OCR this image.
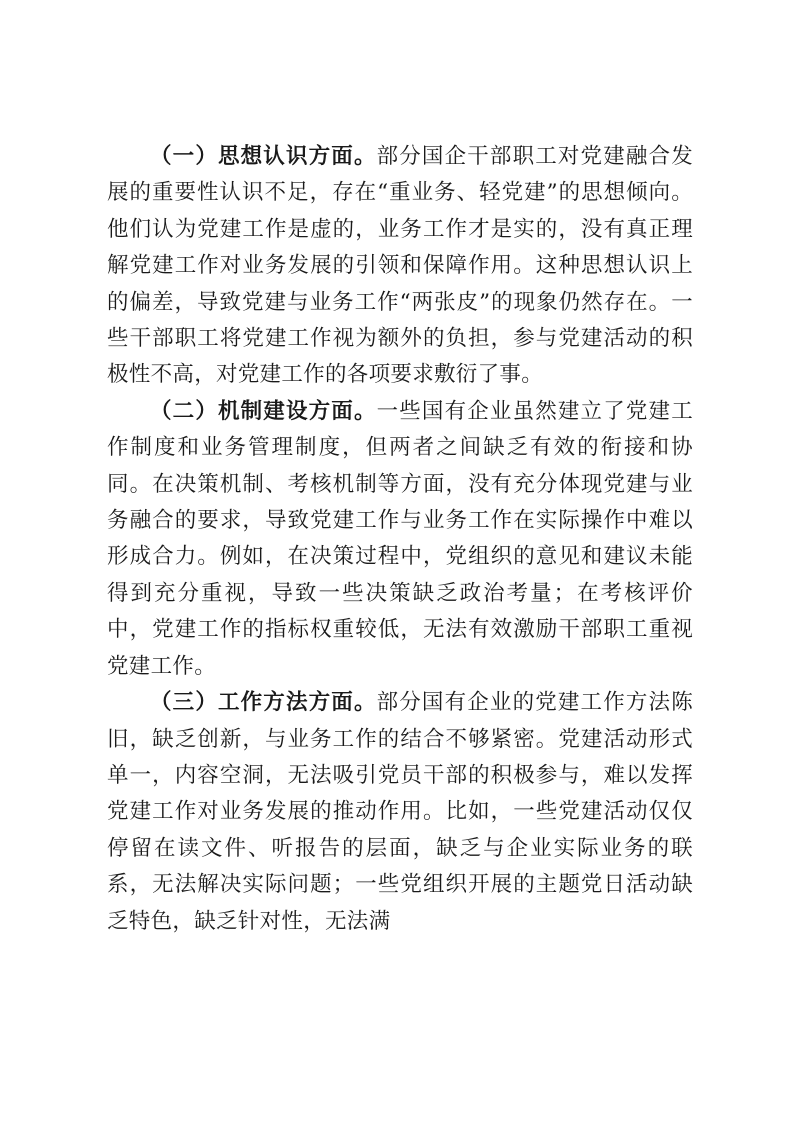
（一）思想认识方面。部分国企干部职工对党建融合发展的重要性认识不足，存在“重业务、轻党建”的思想倾向。他们认为党建工作是虚的，业务工作才是实的，没有真正理解党建工作对业务发展的引领和保障作用。这种思想认识上的偏差，导致党建与业务工作“两张皮”的现象仍然存在。一些干部职工将党建工作视为额外的负担，参与党建活动的积极性不高，对党建工作的各项要求敷衍了事。

（二）机制建设方面。一些国有企业虽然建立了党建工作制度和业务管理制度，但两者之间缺乏有效的衔接和协同。在决策机制、考核机制等方面，没有充分体现党建与业务融合的要求，导致党建工作与业务工作在实际操作中难以形成合力。例如，在决策过程中，党组织的意见和建议未能得到充分重视，导致一些决策缺乏政治考量；在考核评价中，党建工作的指标权重较低，无法有效激励干部职工重视党建工作。

（三）工作方法方面。部分国有企业的党建工作方法陈旧，缺乏创新，与业务工作的结合不够紧密。党建活动形式单一，内容空洞，无法吸引党员干部的积极参与，难以发挥党建工作对业务发展的推动作用。比如，一些党建活动仅仅停留在读文件、听报告的层面，缺乏与企业实际业务的联系，无法解决实际问题；一些党组织开展的主题党日活动缺乏特色，缺乏针对性，无法满
